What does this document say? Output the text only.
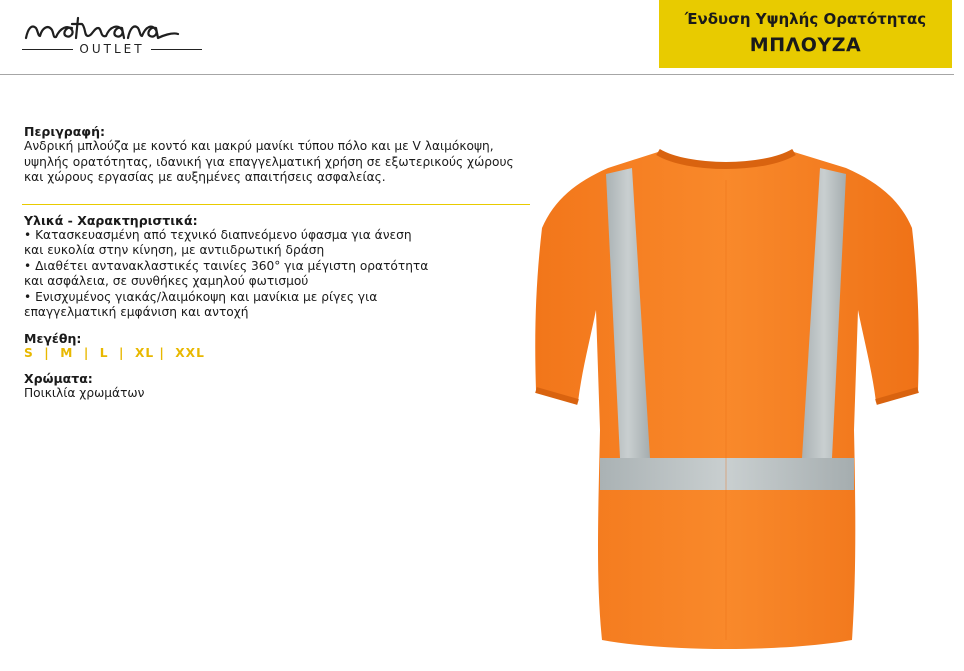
OUTLET
Ένδυση Υψηλής Ορατότητας
ΜΠΛΟΥΖΑ
Περιγραφή:
Ανδρική μπλούζα με κοντό και μακρύ μανίκι τύπου πόλο και με V λαιμόκοψη,
υψηλής ορατότητας, ιδανική για επαγγελματική χρήση σε εξωτερικούς χώρους
και χώρους εργασίας με αυξημένες απαιτήσεις ασφαλείας.
Υλικά - Χαρακτηριστικά:
• Κατασκευασμένη από τεχνικό διαπνεόμενο ύφασμα για άνεση
και ευκολία στην κίνηση, με αντιιδρωτική δράση
• Διαθέτει αντανακλαστικές ταινίες 360° για μέγιστη ορατότητα
και ασφάλεια, σε συνθήκες χαμηλού φωτισμού
• Ενισχυμένος γιακάς/λαιμόκοψη και μανίκια με ρίγες για
επαγγελματική εμφάνιση και αντοχή
Μεγέθη:
S  |  M  |  L  |  XL |  XXL
Χρώματα:
Ποικιλία χρωμάτων
